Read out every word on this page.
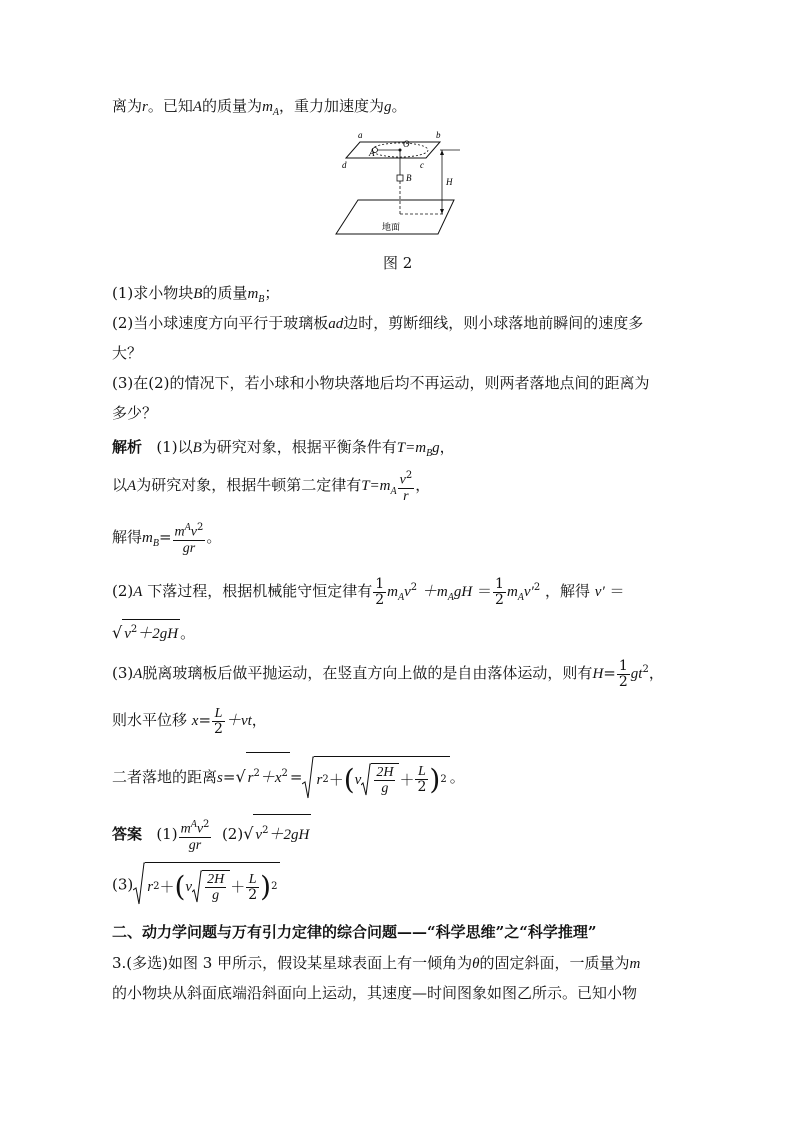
离为r。已知A的质量为$m_A$，重力加速度为g。
a	b
c
d
A
O
B	H
地面
图 2
(1)求小物块B的质量$m_B$；
(2)当小球速度方向平行于玻璃板ad边时，剪断细线，则小球落地前瞬间的速度多
大？
(3)在(2)的情况下，若小球和小物块落地后均不再运动，则两者落地点间的距离为
多少？
解析 (1)以B为研究对象，根据平衡条件有$T=m_Bg$，
以A为研究对象，根据牛顿第二定律有$T=m_A \frac{v^2}{r}$ ，
解得$m_B= \frac{m^Av^2}{gr}$ 。
(2)A 下落过程，根据机械能守恒定律有 $\frac{1}{2} m_Av^2 +m_AgH = \frac{1}{2} m_Av'^2$ ，解得 v′ ＝
√ $v^2+2gH$ 。
(3)A脱离玻璃板后做平抛运动，在竖直方向上做的是自由落体运动，则有$H= \frac{1}{2} gt^2$，
则水平位移 $x= \frac{L}{2} +vt$，
二者落地的距离s=√ $r^2+x^2 = r$ 2 ＋ ( v $\frac{2H}{g} + \frac{L}{2}$ ) 2 。
答案 $(1) \frac{m^Av^2}{gr} (2)√$ $v^2+2gH$
(3) r 2 ＋ ( v $\frac{2H}{g} + \frac{L}{2}$ ) 2
二、动力学问题与万有引力定律的综合问题——“科学思维”之“科学推理”
3.(多选)如图 3 甲所示，假设某星球表面上有一倾角为θ的固定斜面，一质量为m
的小物块从斜面底端沿斜面向上运动，其速度—时间图象如图乙所示。已知小物
